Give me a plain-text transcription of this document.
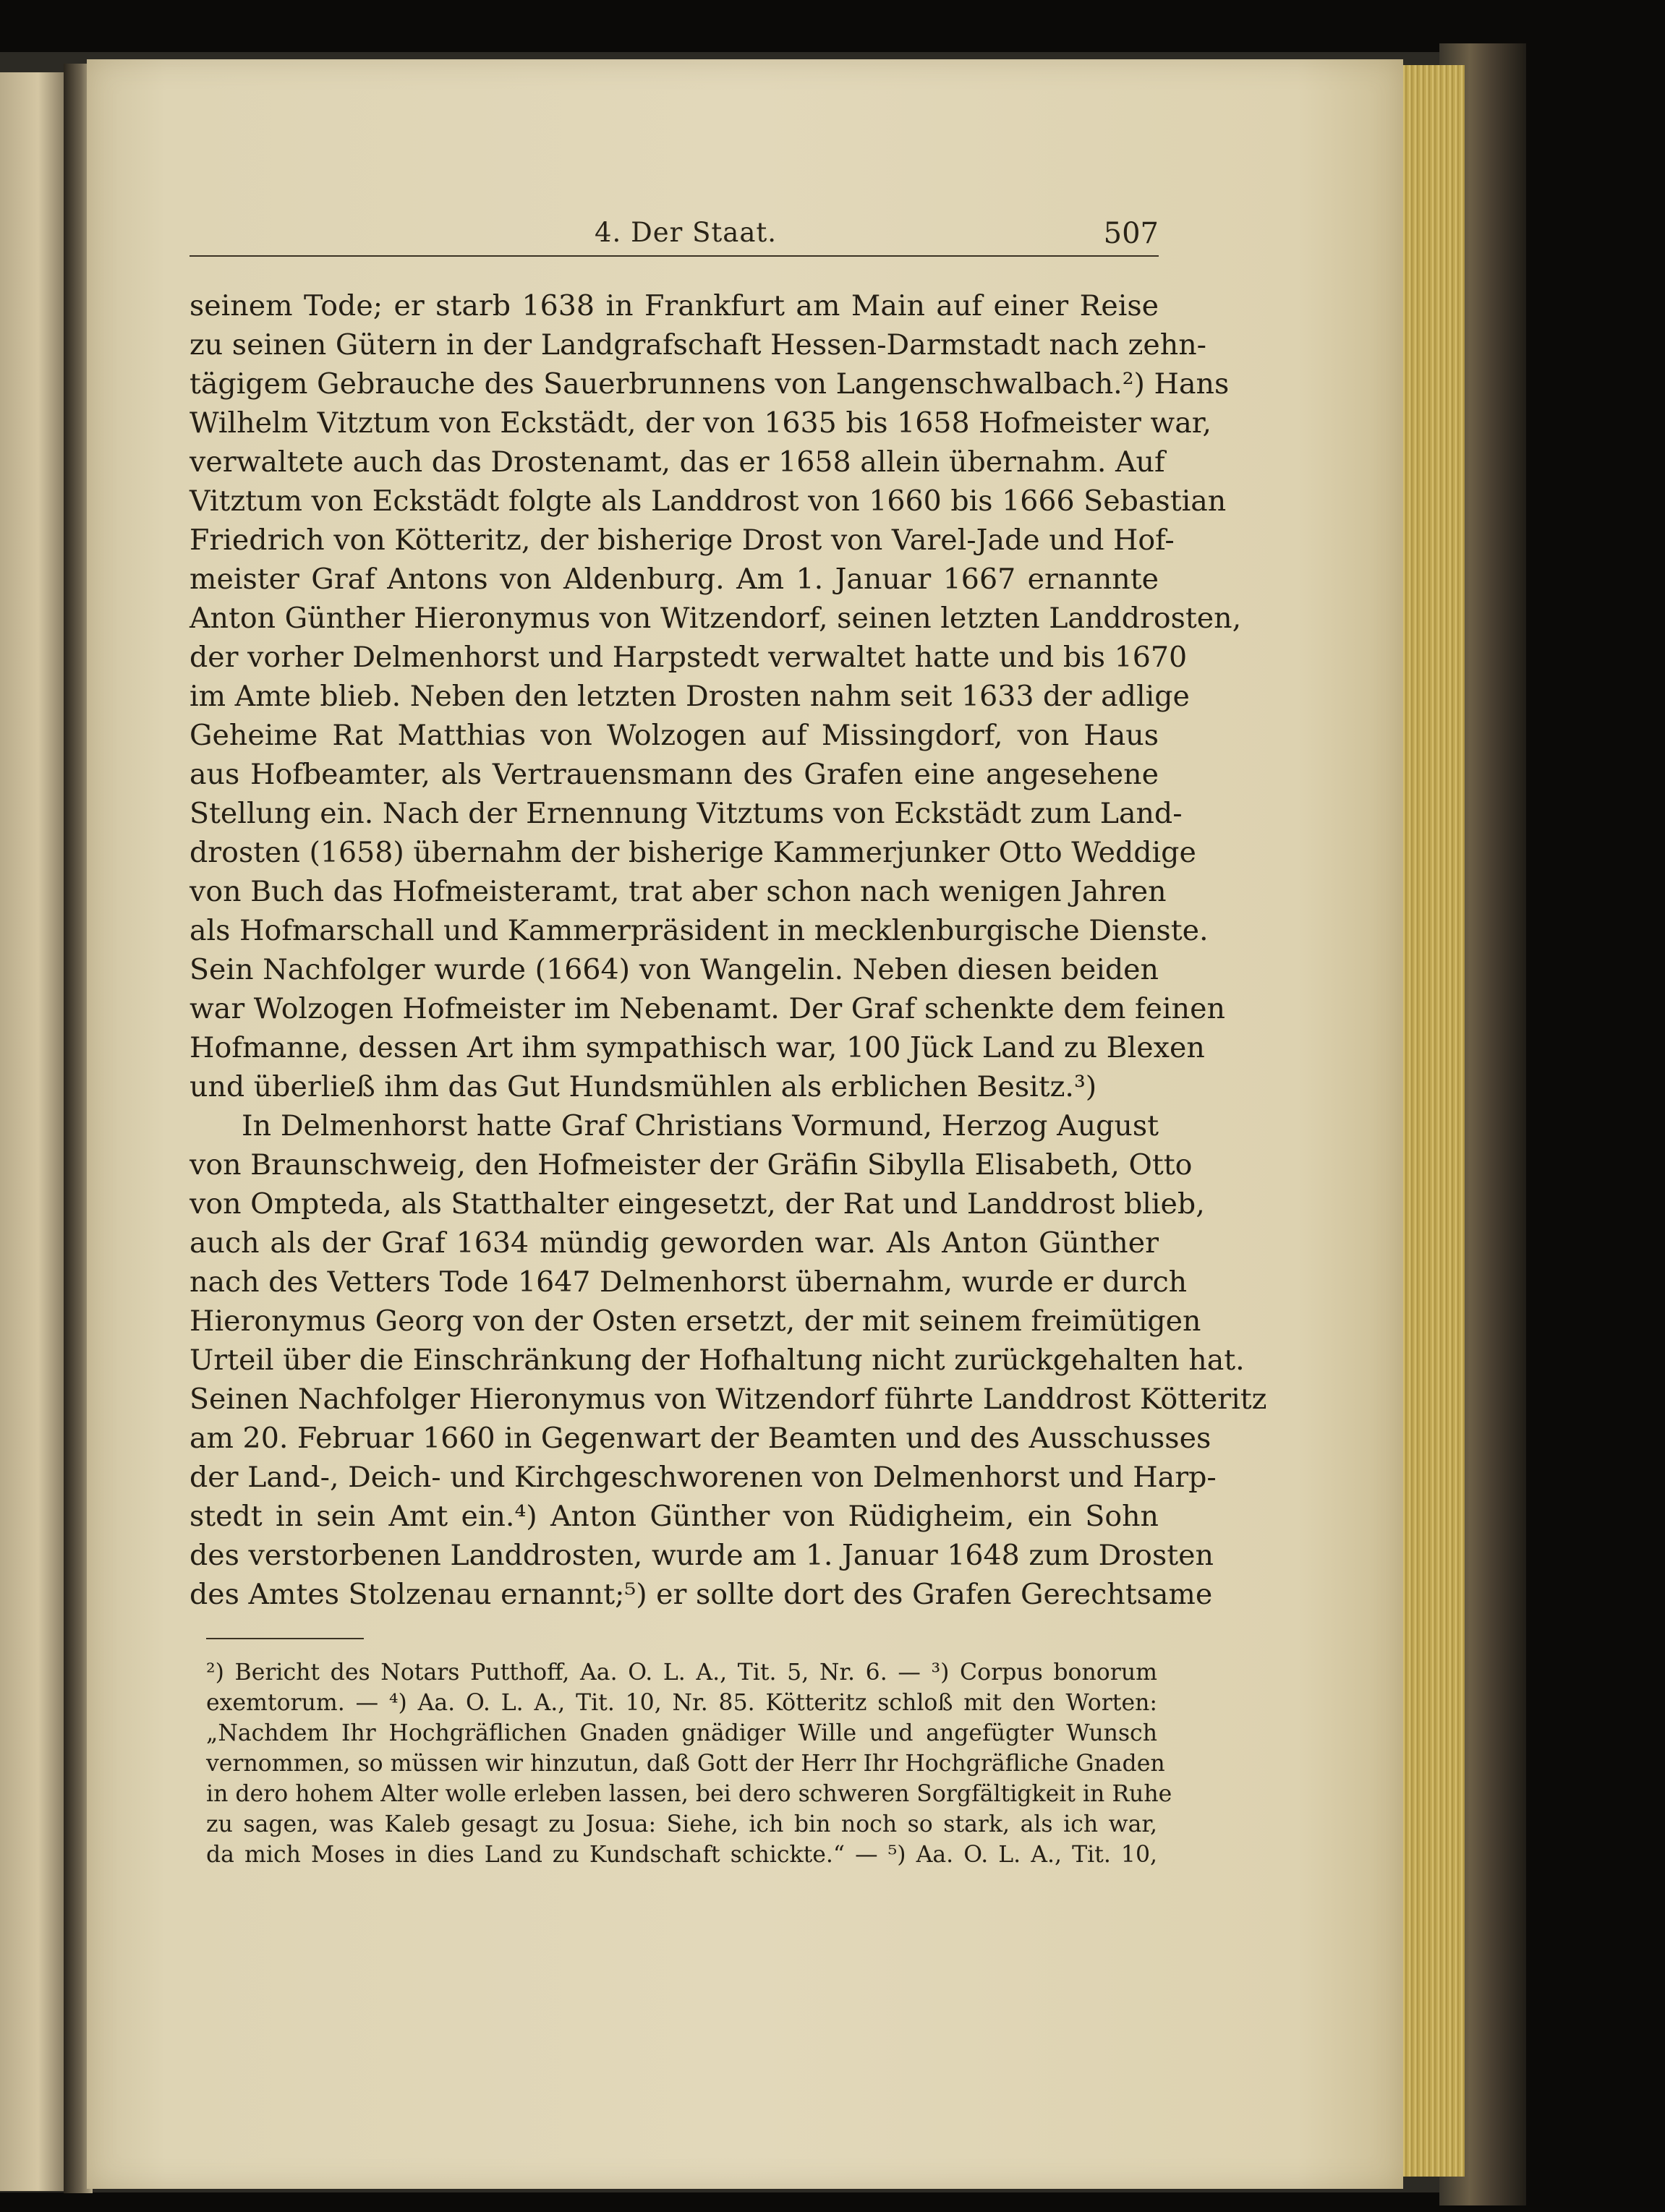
4. Der Staat.	507
seinem Tode; er starb 1638 in Frankfurt am Main auf einer Reise
zu seinen Gütern in der Landgrafschaft Hessen-Darmstadt nach zehn-
tägigem Gebrauche des Sauerbrunnens von Langenschwalbach.²) Hans
Wilhelm Vitztum von Eckstädt, der von 1635 bis 1658 Hofmeister war,
verwaltete auch das Drostenamt, das er 1658 allein übernahm. Auf
Vitztum von Eckstädt folgte als Landdrost von 1660 bis 1666 Sebastian
Friedrich von Kötteritz, der bisherige Drost von Varel-Jade und Hof-
meister Graf Antons von Aldenburg. Am 1. Januar 1667 ernannte
Anton Günther Hieronymus von Witzendorf, seinen letzten Landdrosten,
der vorher Delmenhorst und Harpstedt verwaltet hatte und bis 1670
im Amte blieb. Neben den letzten Drosten nahm seit 1633 der adlige
Geheime Rat Matthias von Wolzogen auf Missingdorf, von Haus
aus Hofbeamter, als Vertrauensmann des Grafen eine angesehene
Stellung ein. Nach der Ernennung Vitztums von Eckstädt zum Land-
drosten (1658) übernahm der bisherige Kammerjunker Otto Weddige
von Buch das Hofmeisteramt, trat aber schon nach wenigen Jahren
als Hofmarschall und Kammerpräsident in mecklenburgische Dienste.
Sein Nachfolger wurde (1664) von Wangelin. Neben diesen beiden
war Wolzogen Hofmeister im Nebenamt. Der Graf schenkte dem feinen
Hofmanne, dessen Art ihm sympathisch war, 100 Jück Land zu Blexen
und überließ ihm das Gut Hundsmühlen als erblichen Besitz.³)
In Delmenhorst hatte Graf Christians Vormund, Herzog August
von Braunschweig, den Hofmeister der Gräfin Sibylla Elisabeth, Otto
von Ompteda, als Statthalter eingesetzt, der Rat und Landdrost blieb,
auch als der Graf 1634 mündig geworden war. Als Anton Günther
nach des Vetters Tode 1647 Delmenhorst übernahm, wurde er durch
Hieronymus Georg von der Osten ersetzt, der mit seinem freimütigen
Urteil über die Einschränkung der Hofhaltung nicht zurückgehalten hat.
Seinen Nachfolger Hieronymus von Witzendorf führte Landdrost Kötteritz
am 20. Februar 1660 in Gegenwart der Beamten und des Ausschusses
der Land-, Deich- und Kirchgeschworenen von Delmenhorst und Harp-
stedt in sein Amt ein.⁴) Anton Günther von Rüdigheim, ein Sohn
des verstorbenen Landdrosten, wurde am 1. Januar 1648 zum Drosten
des Amtes Stolzenau ernannt;⁵) er sollte dort des Grafen Gerechtsame
²) Bericht des Notars Putthoff, Aa. O. L. A., Tit. 5, Nr. 6. — ³) Corpus bonorum
exemtorum. — ⁴) Aa. O. L. A., Tit. 10, Nr. 85. Kötteritz schloß mit den Worten:
„Nachdem Ihr Hochgräflichen Gnaden gnädiger Wille und angefügter Wunsch
vernommen, so müssen wir hinzutun, daß Gott der Herr Ihr Hochgräfliche Gnaden
in dero hohem Alter wolle erleben lassen, bei dero schweren Sorgfältigkeit in Ruhe
zu sagen, was Kaleb gesagt zu Josua: Siehe, ich bin noch so stark, als ich war,
da mich Moses in dies Land zu Kundschaft schickte.“ — ⁵) Aa. O. L. A., Tit. 10,
